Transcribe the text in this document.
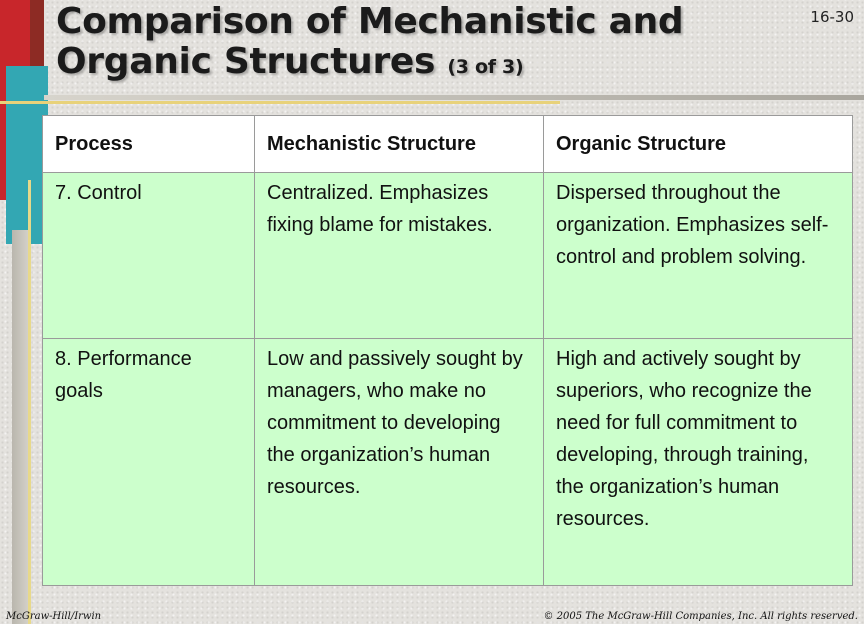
Comparison of Mechanistic and Organic Structures (3 of 3)
16-30
Process	Mechanistic Structure	Organic Structure
7. Control	Centralized. Emphasizes fixing blame for mistakes.	Dispersed throughout the organization. Emphasizes self-control and problem solving.
8. Performance goals	Low and passively sought by managers, who make no commitment to developing the organization’s human resources.	High and actively sought by superiors, who recognize the need for full commitment to developing, through training, the organization’s human resources.
McGraw-Hill/Irwin	© 2005 The McGraw-Hill Companies, Inc. All rights reserved.
